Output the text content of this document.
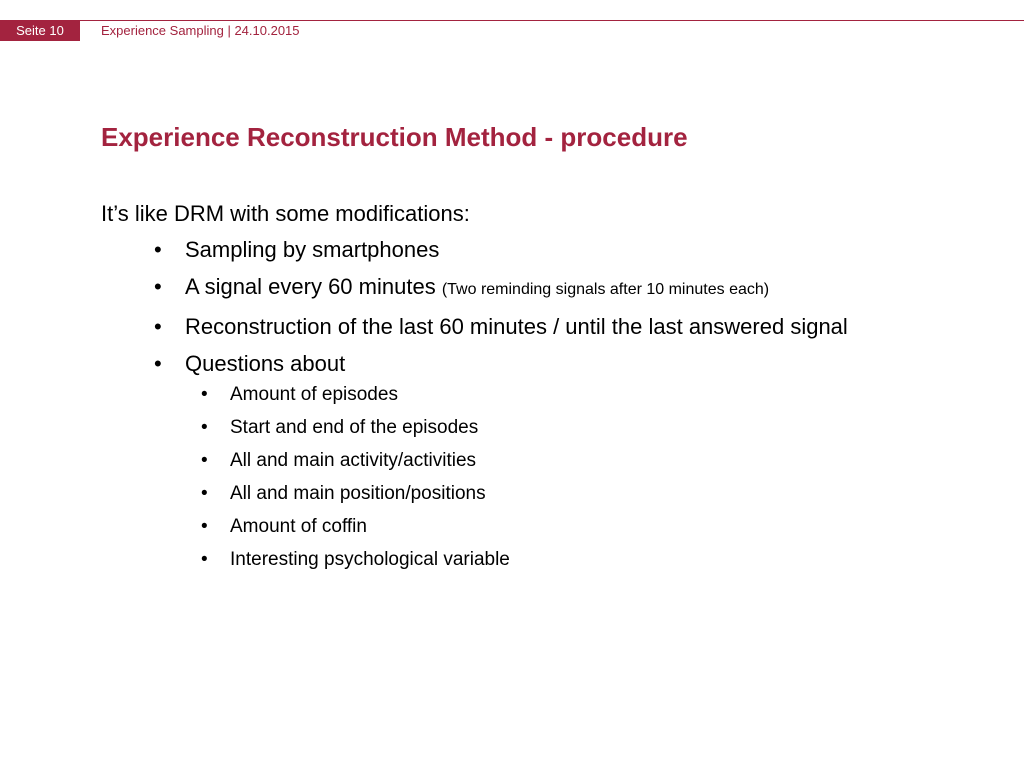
Seite 10	Experience Sampling | 24.10.2015
Experience Reconstruction Method - procedure

It’s like DRM with some modifications:

• Sampling by smartphones
• A signal every 60 minutes (Two reminding signals after 10 minutes each)
• Reconstruction of the last 60 minutes / until the last answered signal
• Questions about
• Amount of episodes
• Start and end of the episodes
• All and main activity/activities
• All and main position/positions
• Amount of coffin
• Interesting psychological variable
